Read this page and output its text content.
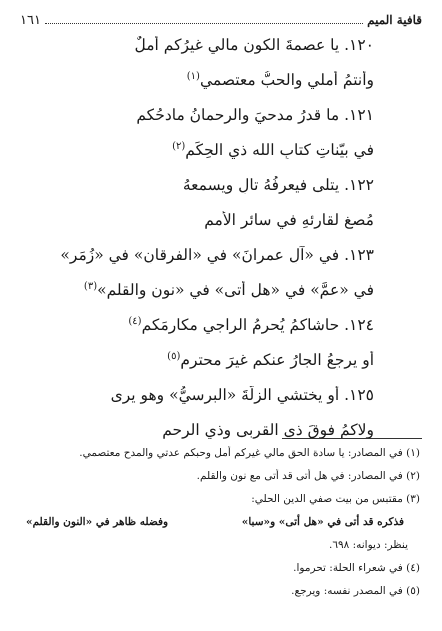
قافية الميم
١٦١
١٢٠. يا عصمةَ الكونِ مالي غيرُكم أملٌ
وأنتمُ أملي والحبُّ معتصمي$^{(١)}$
١٢١. ما قدرُ مدحيَ والرحمانُ مادحُكم
في بيّناتِ كتابِ الله ذي الحِكَمِ$^{(٢)}$
١٢٢. يتلى فيعرفُهُ تالٍ ويسمعهُ
مُصغٍ لقارئهِ في سائرِ الأممِ
١٢٣. في «آلِ عمرانَ» في «الفرقانِ» في «زُمَرٍ»
في «عمَّ» في «هل أتى» في «نونِ والقلمِ»$^{(٣)}$
١٢٤. حاشاكمُ يُحرمُ الراجي مكارمَكم$^{(٤)}$
أو يرجعُ الجارُ عنكم غيرَ محترمِ$^{(٥)}$
١٢٥. أو يختشي الزلّةَ «البرسيُّ» وهو يرى
ولاكمُ فوقَ ذي القربى وذي الرحمِ
(١) في المصادر: يا سادة الحق مالي غيركم أمل وحبكم عدتي والمدح معتصمي.
(٢) في المصادر: في هل أتى قد أتى مع نون والقلم.
(٣) مقتبس من بيت صفي الدين الحلي:
فذكره قد أتى في «هل أتى» و«سبا»
وفضله ظاهر في «النون والقلم»
ينظر: ديوانه: ٦٩٨.
(٤) في شعراء الحلة: تحرموا.
(٥) في المصدر نفسه: ويرجع.
